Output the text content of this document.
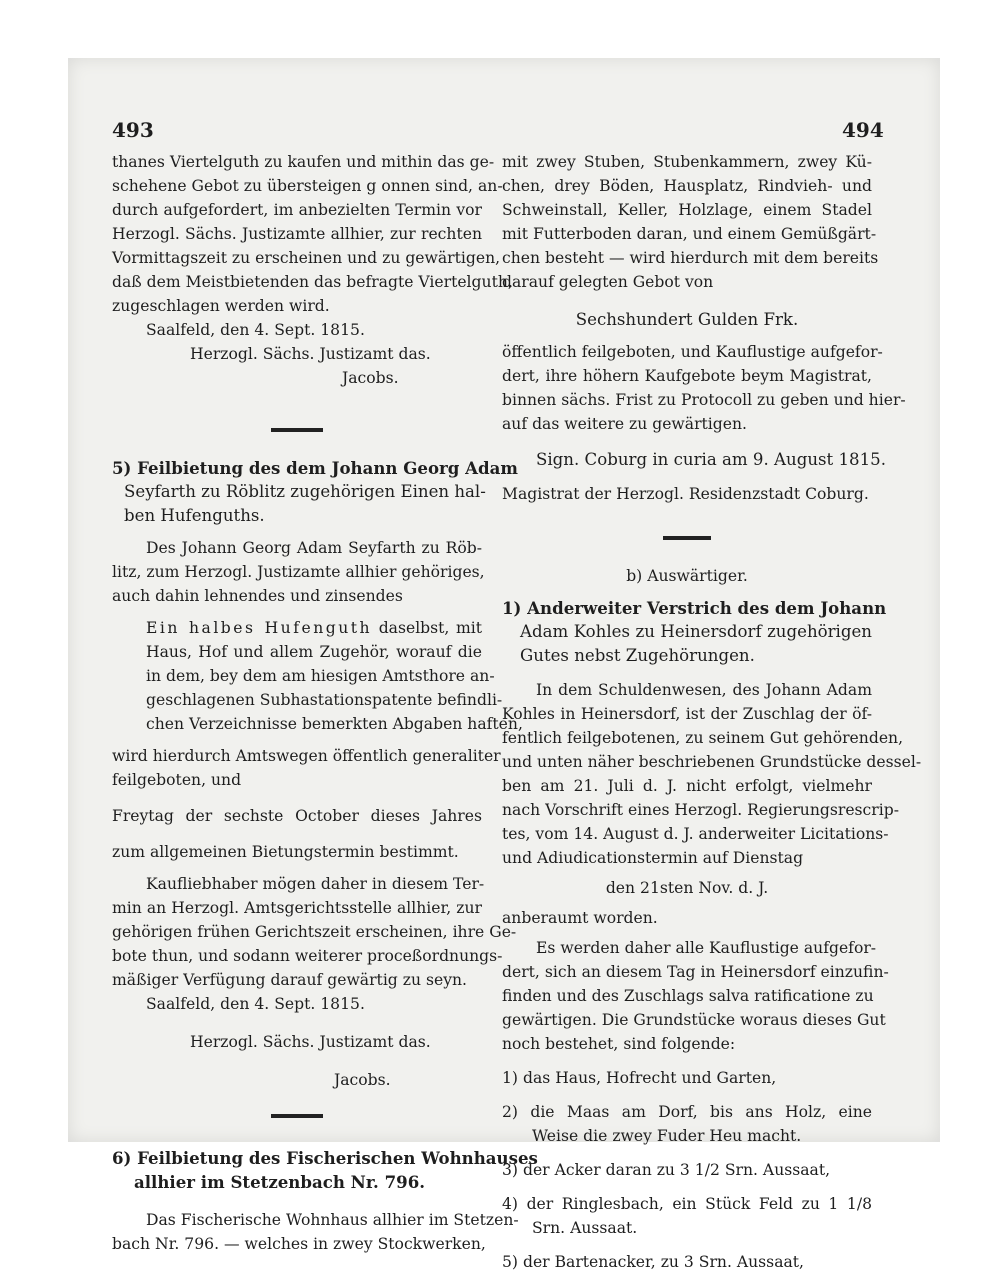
493	494

thanes Viertelguth zu kaufen und mithin das ge-

schehene Gebot zu übersteigen g onnen sind, an-

durch aufgefordert, im anbezielten Termin vor

Herzogl. Sächs. Justizamte allhier, zur rechten

Vormittagszeit zu erscheinen und zu gewärtigen,

daß dem Meistbietenden das befragte Viertelguth,

zugeschlagen werden wird.

Saalfeld, den 4. Sept. 1815.

Herzogl. Sächs. Justizamt das.

Jacobs.

5) Feilbietung des dem Johann Georg Adam

Seyfarth zu Röblitz zugehörigen Einen hal-

ben Hufenguths.

Des Johann Georg Adam Seyfarth zu Röb-

litz, zum Herzogl. Justizamte allhier gehöriges,

auch dahin lehnendes und zinsendes

Ein halbes Hufenguth daselbst, mit

Haus, Hof und allem Zugehör, worauf die

in dem, bey dem am hiesigen Amtsthore an-

geschlagenen Subhastationspatente befindli-

chen Verzeichnisse bemerkten Abgaben haften,

wird hierdurch Amtswegen öffentlich generaliter

feilgeboten, und

Freytag der sechste October dieses Jahres

zum allgemeinen Bietungstermin bestimmt.

Kaufliebhaber mögen daher in diesem Ter-

min an Herzogl. Amtsgerichtsstelle allhier, zur

gehörigen frühen Gerichtszeit erscheinen, ihre Ge-

bote thun, und sodann weiterer proceßordnungs-

mäßiger Verfügung darauf gewärtig zu seyn.

Saalfeld, den 4. Sept. 1815.

Herzogl. Sächs. Justizamt das.

Jacobs.

6) Feilbietung des Fischerischen Wohnhauses

allhier im Stetzenbach Nr. 796.

Das Fischerische Wohnhaus allhier im Stetzen-

bach Nr. 796. — welches in zwey Stockwerken,

mit zwey Stuben, Stubenkammern, zwey Kü-

chen, drey Böden, Hausplatz, Rindvieh- und

Schweinstall, Keller, Holzlage, einem Stadel

mit Futterboden daran, und einem Gemüßgärt-

chen besteht — wird hierdurch mit dem bereits

darauf gelegten Gebot von

Sechshundert Gulden Frk.

öffentlich feilgeboten, und Kauflustige aufgefor-

dert, ihre höhern Kaufgebote beym Magistrat,

binnen sächs. Frist zu Protocoll zu geben und hier-

auf das weitere zu gewärtigen.

Sign. Coburg in curia am 9. August 1815.

Magistrat der Herzogl. Residenzstadt Coburg.

b) Auswärtiger.

1) Anderweiter Verstrich des dem Johann

Adam Kohles zu Heinersdorf zugehörigen

Gutes nebst Zugehörungen.

In dem Schuldenwesen, des Johann Adam

Kohles in Heinersdorf, ist der Zuschlag der öf-

fentlich feilgebotenen, zu seinem Gut gehörenden,

und unten näher beschriebenen Grundstücke dessel-

ben am 21. Juli d. J. nicht erfolgt, vielmehr

nach Vorschrift eines Herzogl. Regierungsrescrip-

tes, vom 14. August d. J. anderweiter Licitations-

und Adiudicationstermin auf Dienstag

den 21sten Nov. d. J.

anberaumt worden.

Es werden daher alle Kauflustige aufgefor-

dert, sich an diesem Tag in Heinersdorf einzufin-

finden und des Zuschlags salva ratificatione zu

gewärtigen. Die Grundstücke woraus dieses Gut

noch bestehet, sind folgende:

1) das Haus, Hofrecht und Garten,

2) die Maas am Dorf, bis ans Holz, eine

Weise die zwey Fuder Heu macht.

3) der Acker daran zu 3 1/2 Srn. Aussaat,

4) der Ringlesbach, ein Stück Feld zu 1 1/8

Srn. Aussaat.

5) der Bartenacker, zu 3 Srn. Aussaat,
